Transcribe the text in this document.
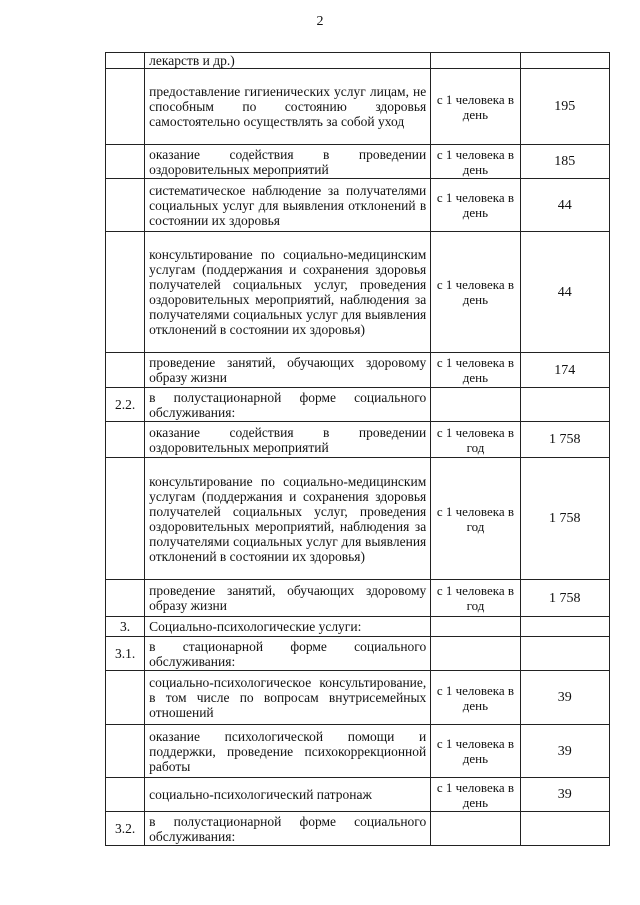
2
	лекарств и др.)		
	предоставление гигиенических услуг лицам, не способным по состоянию здоровья самостоятельно осуществлять за собой уход	с 1 человека в день	195
	оказание содействия в проведении оздоровительных мероприятий	с 1 человека в день	185
	систематическое наблюдение за получателями социальных услуг для выявления отклонений в состоянии их здоровья	с 1 человека в день	44
	консультирование по социально-медицинским услугам (поддержания и сохранения здоровья получателей социальных услуг, проведения оздоровительных мероприятий, наблюдения за получателями социальных услуг для выявления отклонений в состоянии их здоровья)	с 1 человека в день	44
	проведение занятий, обучающих здоровому образу жизни	с 1 человека в день	174
2.2.	в полустационарной форме социального обслуживания:		
	оказание содействия в проведении оздоровительных мероприятий	с 1 человека в год	1 758
	консультирование по социально-медицинским услугам (поддержания и сохранения здоровья получателей социальных услуг, проведения оздоровительных мероприятий, наблюдения за получателями социальных услуг для выявления отклонений в состоянии их здоровья)	с 1 человека в год	1 758
	проведение занятий, обучающих здоровому образу жизни	с 1 человека в год	1 758
3.	Социально-психологические услуги:		
3.1.	в стационарной форме социального обслуживания:		
	социально-психологическое консультирование, в том числе по вопросам внутрисемейных отношений	с 1 человека в день	39
	оказание психологической помощи и поддержки, проведение психокоррекционной работы	с 1 человека в день	39
	социально-психологический патронаж	с 1 человека в день	39
3.2.	в полустационарной форме социального обслуживания:		
